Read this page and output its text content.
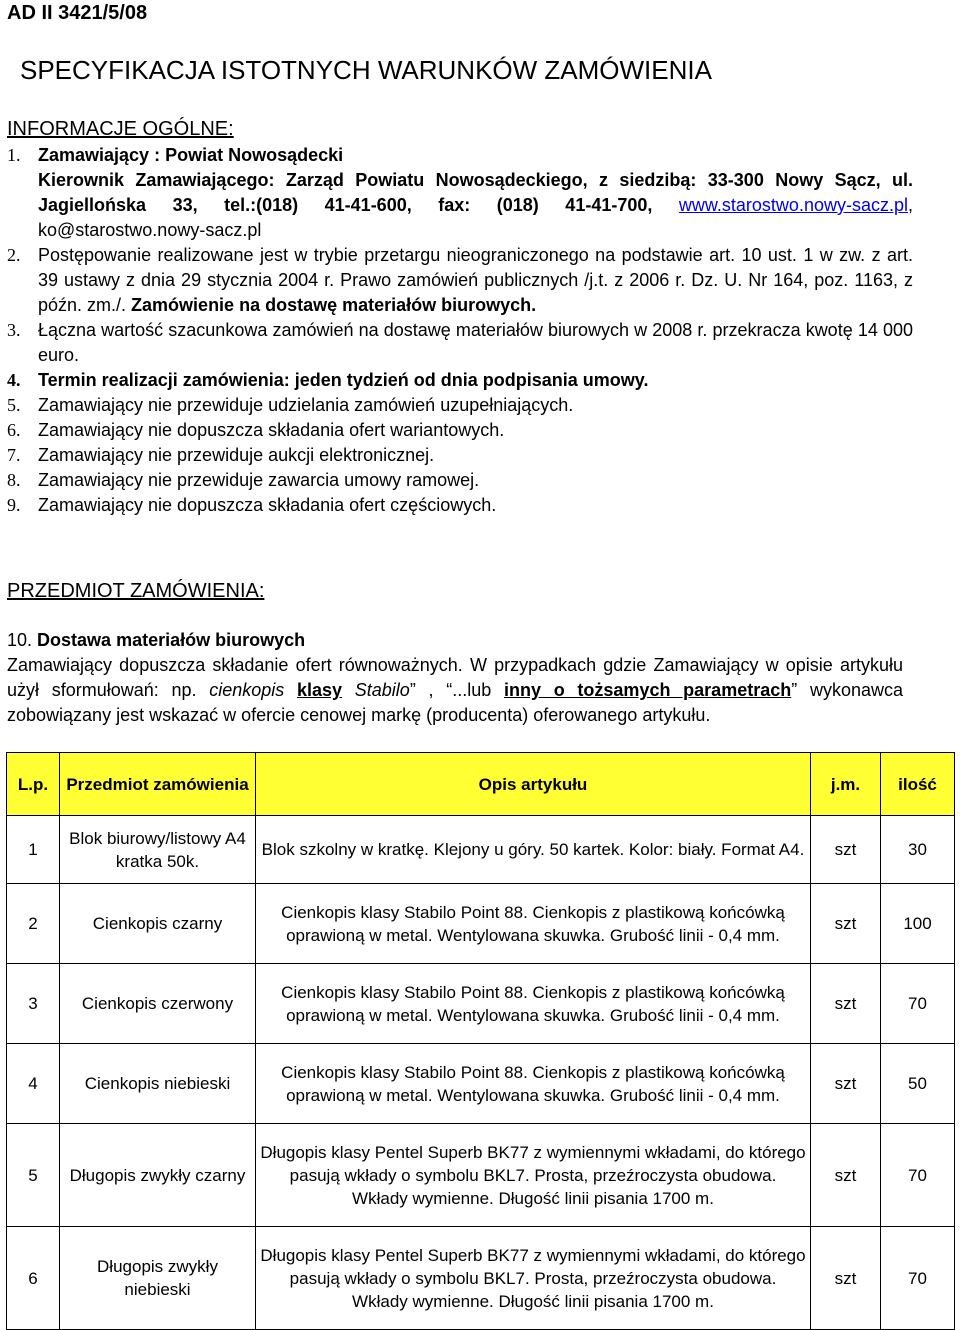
AD II 3421/5/08
SPECYFIKACJA ISTOTNYCH WARUNKÓW ZAMÓWIENIA
INFORMACJE OGÓLNE:
1. Zamawiający : Powiat Nowosądecki
Kierownik Zamawiającego: Zarząd Powiatu Nowosądeckiego, z siedzibą: 33-300 Nowy Sącz, ul. Jagiellońska 33, tel.:(018) 41-41-600, fax: (018) 41-41-700, www.starostwo.nowy-sacz.pl, ko@starostwo.nowy-sacz.pl
2. Postępowanie realizowane jest w trybie przetargu nieograniczonego na podstawie art. 10 ust. 1 w zw. z art. 39 ustawy z dnia 29 stycznia 2004 r. Prawo zamówień publicznych /j.t. z 2006 r. Dz. U. Nr 164, poz. 1163, z późn. zm./. Zamówienie na dostawę materiałów biurowych.
3. Łączna wartość szacunkowa zamówień na dostawę materiałów biurowych w 2008 r. przekracza kwotę 14 000 euro.
4. Termin realizacji zamówienia: jeden tydzień od dnia podpisania umowy.
5. Zamawiający nie przewiduje udzielania zamówień uzupełniających.
6. Zamawiający nie dopuszcza składania ofert wariantowych.
7. Zamawiający nie przewiduje aukcji elektronicznej.
8. Zamawiający nie przewiduje zawarcia umowy ramowej.
9. Zamawiający nie dopuszcza składania ofert częściowych.
PRZEDMIOT ZAMÓWIENIA:
10. Dostawa materiałów biurowych
Zamawiający dopuszcza składanie ofert równoważnych. W przypadkach gdzie Zamawiający w opisie artykułu użył sformułowań: np. cienkopis klasy Stabilo” , “...lub inny o tożsamych parametrach” wykonawca zobowiązany jest wskazać w ofercie cenowej markę (producenta) oferowanego artykułu.
L.p.	Przedmiot zamówienia	Opis artykułu	j.m.	ilość
1	Blok biurowy/listowy A4 kratka 50k.	Blok szkolny w kratkę. Klejony u góry. 50 kartek. Kolor: biały. Format A4.	szt	30
2	Cienkopis czarny	Cienkopis klasy Stabilo Point 88. Cienkopis z plastikową końcówką oprawioną w metal. Wentylowana skuwka. Grubość linii - 0,4 mm.	szt	100
3	Cienkopis czerwony	Cienkopis klasy Stabilo Point 88. Cienkopis z plastikową końcówką oprawioną w metal. Wentylowana skuwka. Grubość linii - 0,4 mm.	szt	70
4	Cienkopis niebieski	Cienkopis klasy Stabilo Point 88. Cienkopis z plastikową końcówką oprawioną w metal. Wentylowana skuwka. Grubość linii - 0,4 mm.	szt	50
5	Długopis zwykły czarny	Długopis klasy Pentel Superb BK77 z wymiennymi wkładami, do którego pasują wkłady o symbolu BKL7. Prosta, przeźroczysta obudowa. Wkłady wymienne. Długość linii pisania 1700 m.	szt	70
6	Długopis zwykły niebieski	Długopis klasy Pentel Superb BK77 z wymiennymi wkładami, do którego pasują wkłady o symbolu BKL7. Prosta, przeźroczysta obudowa. Wkłady wymienne. Długość linii pisania 1700 m.	szt	70
